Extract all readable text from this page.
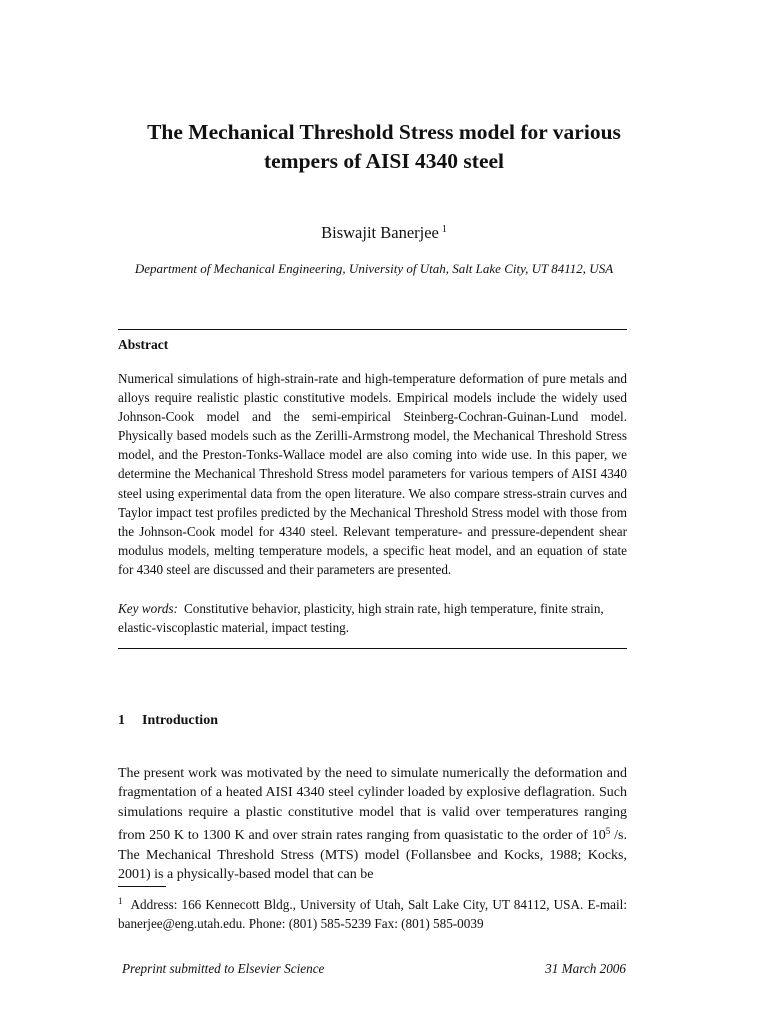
The Mechanical Threshold Stress model for various
tempers of AISI 4340 steel
Biswajit Banerjee $^1$
Department of Mechanical Engineering, University of Utah, Salt Lake City, UT 84112, USA
Abstract
Numerical simulations of high-strain-rate and high-temperature deformation of pure metals and alloys require realistic plastic constitutive models. Empirical models include the widely used Johnson-Cook model and the semi-empirical Steinberg-Cochran-Guinan-Lund model. Physically based models such as the Zerilli-Armstrong model, the Mechanical Threshold Stress model, and the Preston-Tonks-Wallace model are also coming into wide use. In this paper, we determine the Mechanical Threshold Stress model parameters for various tempers of AISI 4340 steel using experimental data from the open literature. We also compare stress-strain curves and Taylor impact test profiles predicted by the Mechanical Threshold Stress model with those from the Johnson-Cook model for 4340 steel. Relevant temperature- and pressure-dependent shear modulus models, melting temperature models, a specific heat model, and an equation of state for 4340 steel are discussed and their parameters are presented.
Key words: Constitutive behavior, plasticity, high strain rate, high temperature, finite strain, elastic-viscoplastic material, impact testing.
1 Introduction
The present work was motivated by the need to simulate numerically the deformation and fragmentation of a heated AISI 4340 steel cylinder loaded by explosive deflagration. Such simulations require a plastic constitutive model that is valid over temperatures ranging from 250 K to 1300 K and over strain rates ranging from quasistatic to the order of $10^5$ /s. The Mechanical Threshold Stress (MTS) model (Follansbee and Kocks, 1988; Kocks, 2001) is a physically-based model that can be
$^1$ Address: 166 Kennecott Bldg., University of Utah, Salt Lake City, UT 84112, USA. E-mail: banerjee@eng.utah.edu. Phone: (801) 585-5239 Fax: (801) 585-0039
Preprint submitted to Elsevier Science	31 March 2006
